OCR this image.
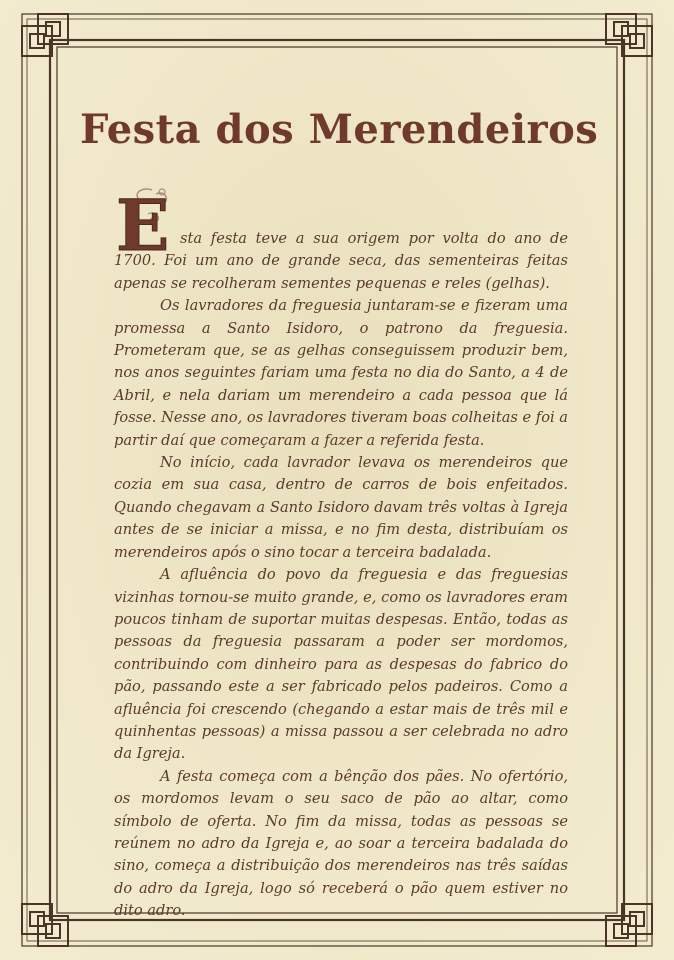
Festa dos Merendeiros
E sta festa teve a sua origem por volta do ano de 1700. Foi um ano de grande seca, das sementeiras feitas apenas se recolheram sementes pequenas e reles (gelhas).

Os lavradores da freguesia juntaram-se e fizeram uma promessa a Santo Isidoro, o patrono da freguesia. Prometeram que, se as gelhas conseguissem produzir bem, nos anos seguintes fariam uma festa no dia do Santo, a 4 de Abril, e nela dariam um merendeiro a cada pessoa que lá fosse. Nesse ano, os lavradores tiveram boas colheitas e foi a partir daí que começaram a fazer a referida festa.

No início, cada lavrador levava os merendeiros que cozia em sua casa, dentro de carros de bois enfeitados. Quando chegavam a Santo Isidoro davam três voltas à Igreja antes de se iniciar a missa, e no fim desta, distribuíam os merendeiros após o sino tocar a terceira badalada.

A afluência do povo da freguesia e das freguesias vizinhas tornou-se muito grande, e, como os lavradores eram poucos tinham de suportar muitas despesas. Então, todas as pessoas da freguesia passaram a poder ser mordomos, contribuindo com dinheiro para as despesas do fabrico do pão, passando este a ser fabricado pelos padeiros. Como a afluência foi crescendo (chegando a estar mais de três mil e quinhentas pessoas) a missa passou a ser celebrada no adro da Igreja.

A festa começa com a bênção dos pães. No ofertório, os mordomos levam o seu saco de pão ao altar, como símbolo de oferta. No fim da missa, todas as pessoas se reúnem no adro da Igreja e, ao soar a terceira badalada do sino, começa a distribuição dos merendeiros nas três saídas do adro da Igreja, logo só receberá o pão quem estiver no dito adro.
